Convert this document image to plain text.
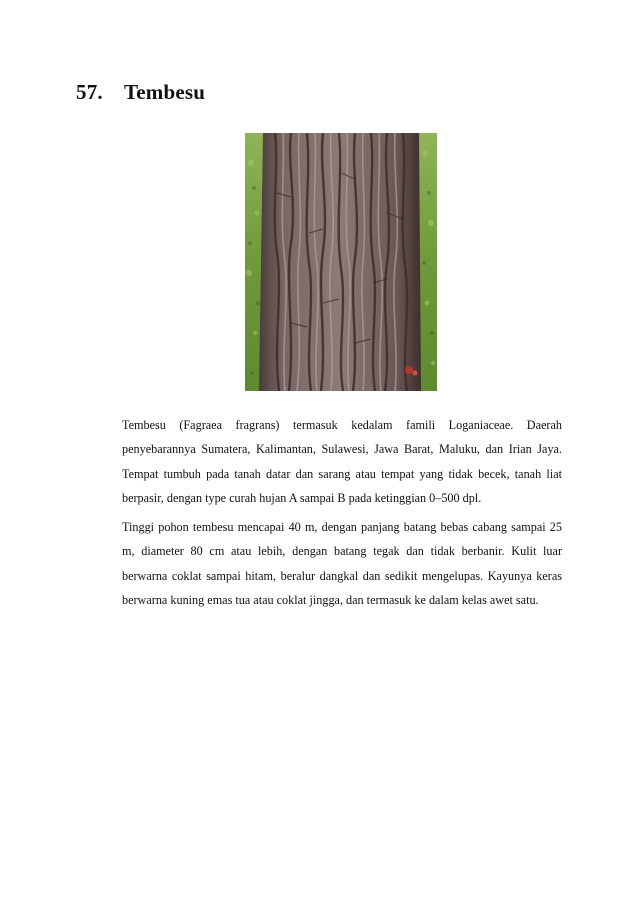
57. Tembesu

Tembesu (Fagraea fragrans) termasuk kedalam famili Loganiaceae. Daerah penyebarannya Sumatera, Kalimantan, Sulawesi, Jawa Barat, Maluku, dan Irian Jaya. Tempat tumbuh pada tanah datar dan sarang atau tempat yang tidak becek, tanah liat berpasir, dengan type curah hujan A sampai B pada ketinggian 0–500 dpl.

Tinggi pohon tembesu mencapai 40 m, dengan panjang batang bebas cabang sampai 25 m, diameter 80 cm atau lebih, dengan batang tegak dan tidak berbanir. Kulit luar berwarna coklat sampai hitam, beralur dangkal dan sedikit mengelupas. Kayunya keras berwarna kuning emas tua atau coklat jingga, dan termasuk ke dalam kelas awet satu.
